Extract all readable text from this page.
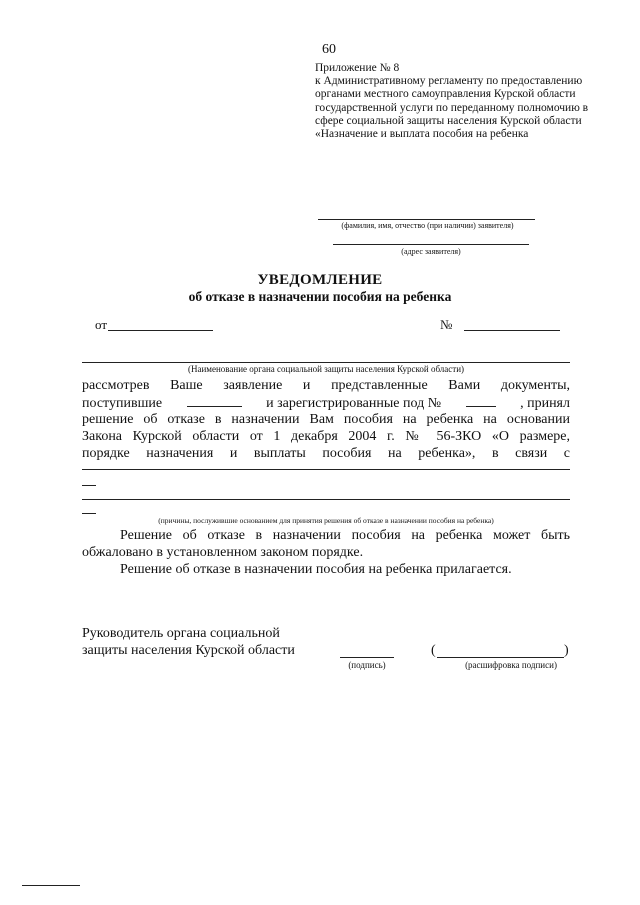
60
Приложение № 8
к Административному регламенту по предоставлению органами местного самоуправления Курской области государственной услуги по переданному полномочию в сфере социальной защиты населения Курской области «Назначение и выплата пособия на ребенка
(фамилия, имя, отчество (при наличии) заявителя)
(адрес заявителя)
УВЕДОМЛЕНИЕ
об отказе в назначении пособия на ребенка
от	№
(Наименование органа социальной защиты населения Курской области)
рассмотрев Ваше заявление и представленные Вами документы,
поступившие	и зарегистрированные под №	, принял
решение об отказе в назначении Вам пособия на ребенка на основании
Закона Курской области от 1 декабря 2004 г. № 56-ЗКО «О размере,
порядке назначения и выплаты пособия на ребенка», в связи с
(причины, послужившие основанием для принятия решения об отказе в назначении пособия на ребенка)
Решение об отказе в назначении пособия на ребенка может быть
обжаловано в установленном законом порядке.
Решение об отказе в назначении пособия на ребенка прилагается.
Руководитель органа социальной
защиты населения Курской области
(подпись)
(	)
(расшифровка подписи)
